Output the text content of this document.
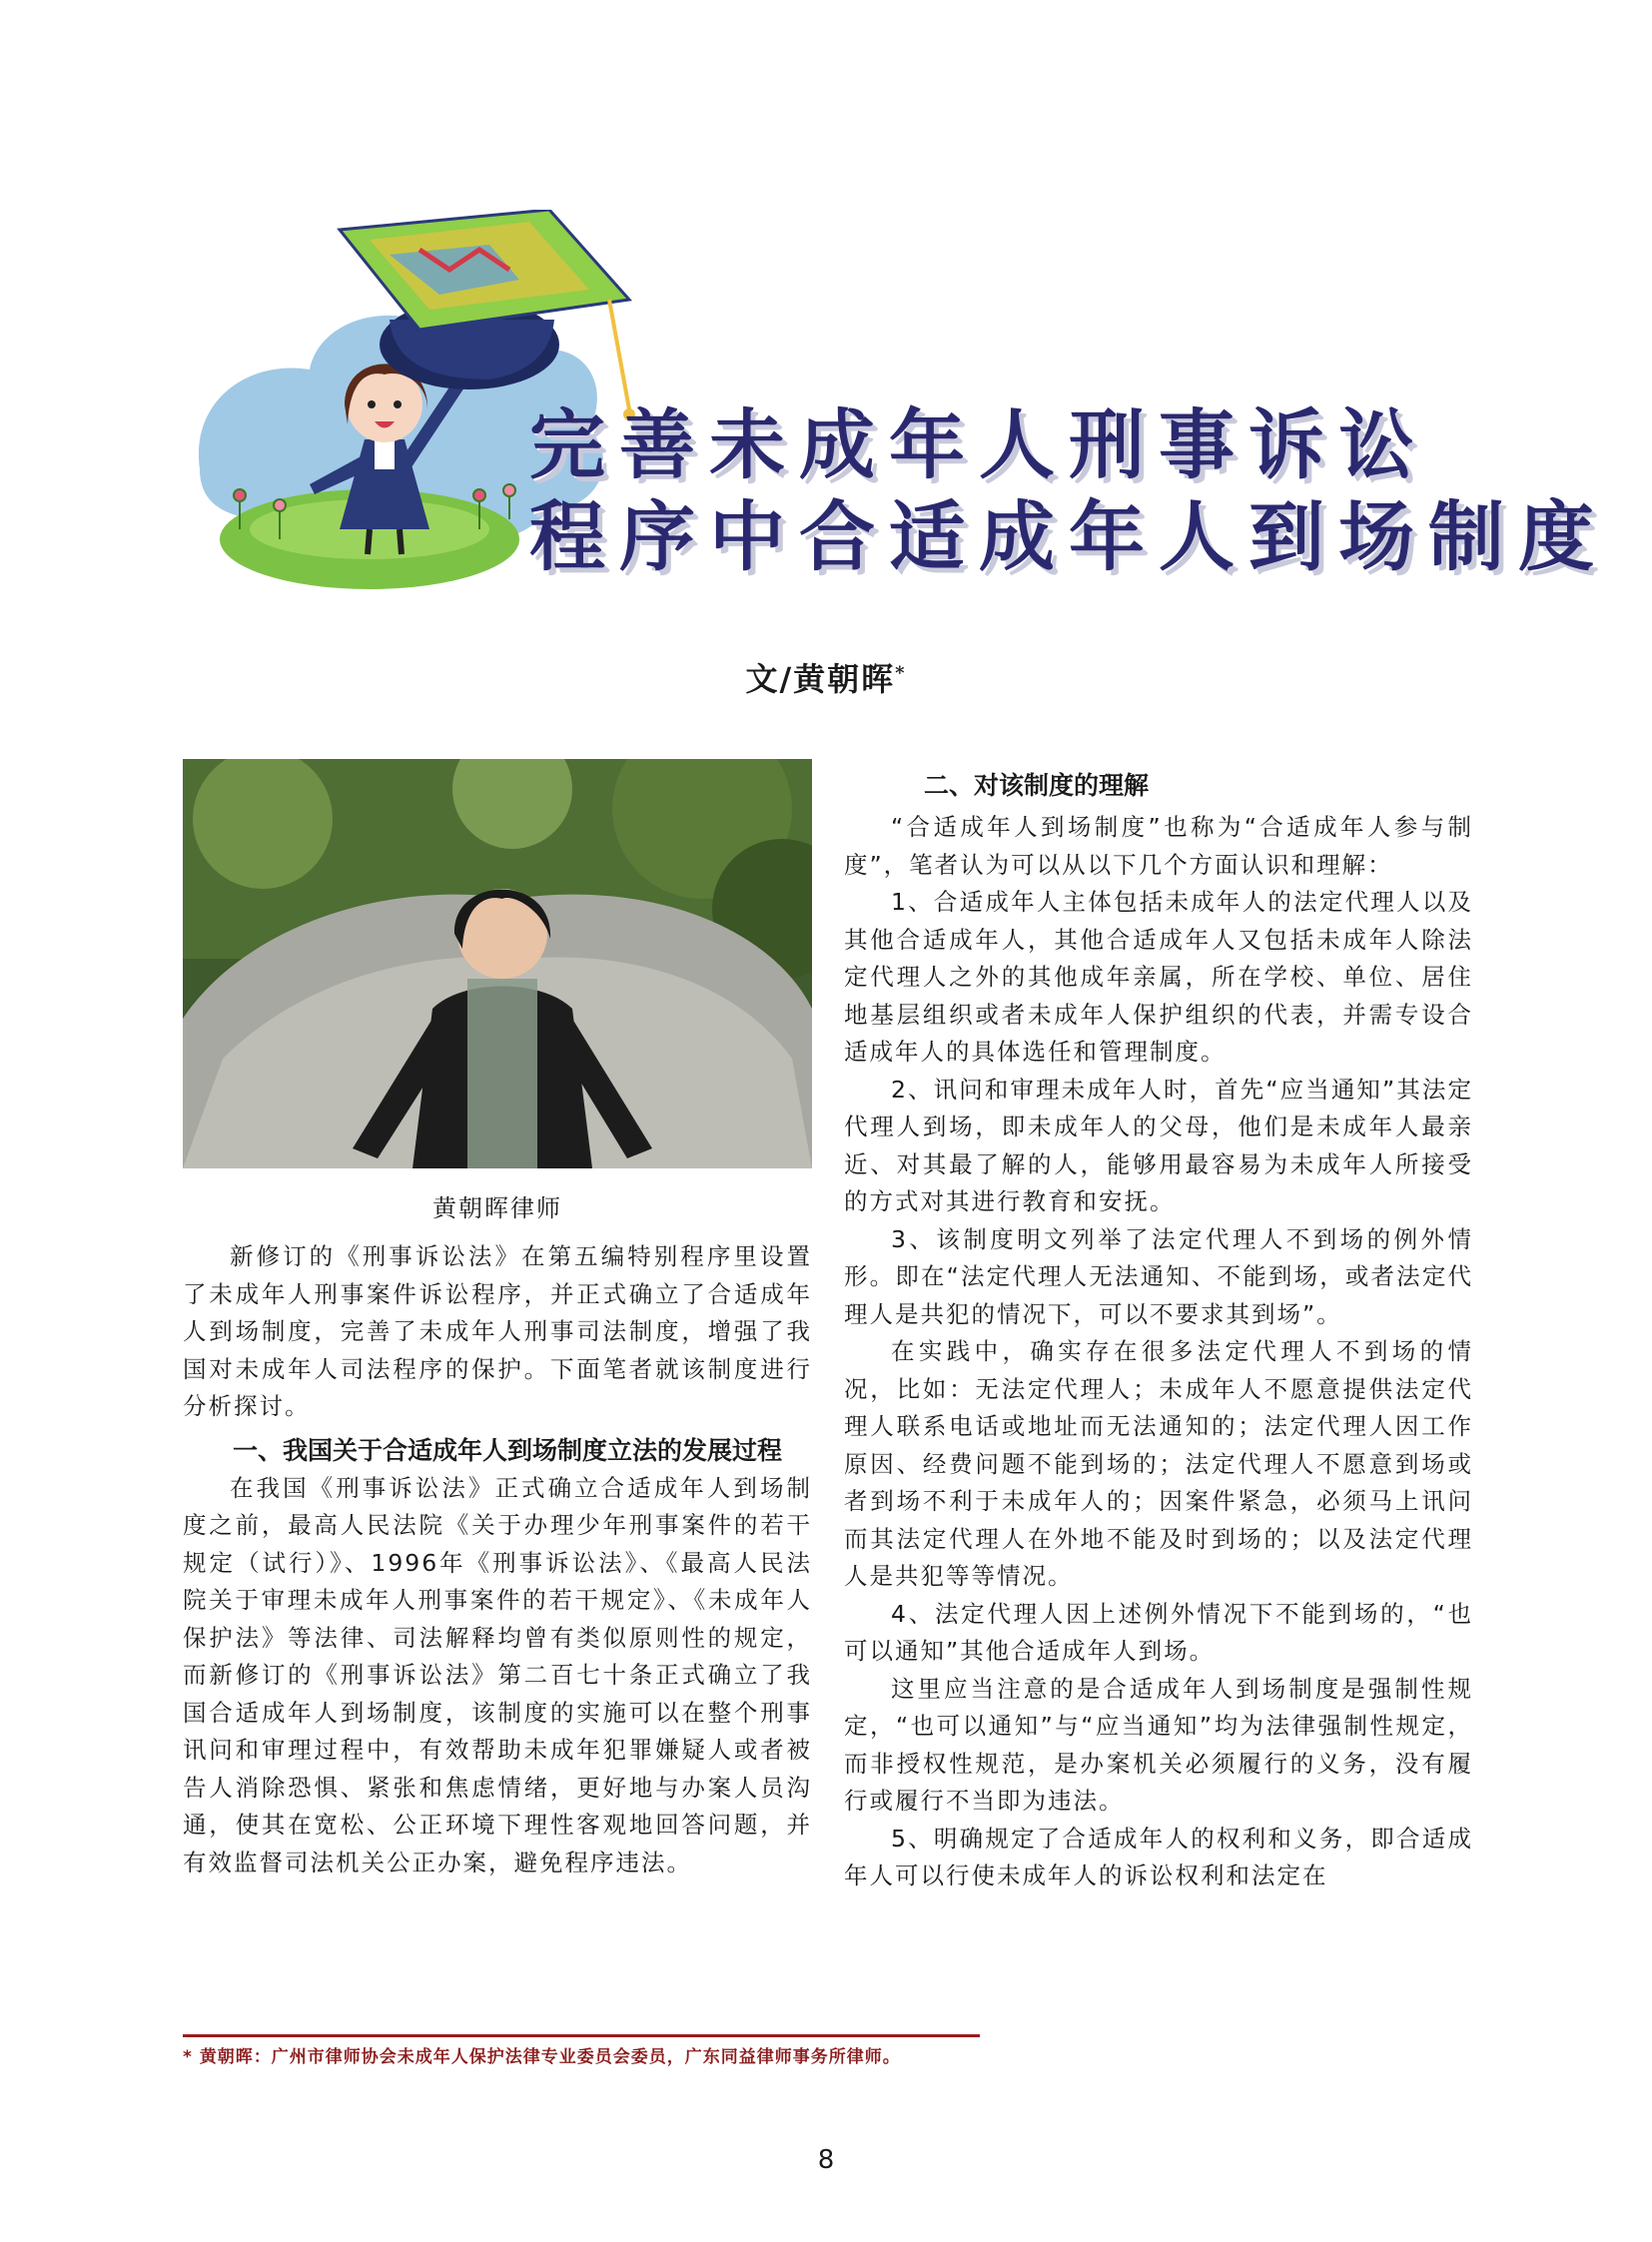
完善未成年人刑事诉讼
程序中合适成年人到场制度
文/黄朝晖*
黄朝晖律师

新修订的《刑事诉讼法》在第五编特别程序里设置了未成年人刑事案件诉讼程序，并正式确立了合适成年人到场制度，完善了未成年人刑事司法制度，增强了我国对未成年人司法程序的保护。下面笔者就该制度进行分析探讨。

一、我国关于合适成年人到场制度立法的发展过程

在我国《刑事诉讼法》正式确立合适成年人到场制度之前，最高人民法院《关于办理少年刑事案件的若干规定（试行）》、1996年《刑事诉讼法》、《最高人民法院关于审理未成年人刑事案件的若干规定》、《未成年人保护法》等法律、司法解释均曾有类似原则性的规定，而新修订的《刑事诉讼法》第二百七十条正式确立了我国合适成年人到场制度，该制度的实施可以在整个刑事讯问和审理过程中，有效帮助未成年犯罪嫌疑人或者被告人消除恐惧、紧张和焦虑情绪，更好地与办案人员沟通，使其在宽松、公正环境下理性客观地回答问题，并有效监督司法机关公正办案，避免程序违法。

二、对该制度的理解

“合适成年人到场制度”也称为“合适成年人参与制度”，笔者认为可以从以下几个方面认识和理解：

1、合适成年人主体包括未成年人的法定代理人以及其他合适成年人，其他合适成年人又包括未成年人除法定代理人之外的其他成年亲属，所在学校、单位、居住地基层组织或者未成年人保护组织的代表，并需专设合适成年人的具体选任和管理制度。

2、讯问和审理未成年人时，首先“应当通知”其法定代理人到场，即未成年人的父母，他们是未成年人最亲近、对其最了解的人，能够用最容易为未成年人所接受的方式对其进行教育和安抚。

3、该制度明文列举了法定代理人不到场的例外情形。即在“法定代理人无法通知、不能到场，或者法定代理人是共犯的情况下，可以不要求其到场”。

在实践中，确实存在很多法定代理人不到场的情况，比如：无法定代理人；未成年人不愿意提供法定代理人联系电话或地址而无法通知的；法定代理人因工作原因、经费问题不能到场的；法定代理人不愿意到场或者到场不利于未成年人的；因案件紧急，必须马上讯问而其法定代理人在外地不能及时到场的；以及法定代理人是共犯等等情况。

4、法定代理人因上述例外情况下不能到场的，“也可以通知”其他合适成年人到场。

这里应当注意的是合适成年人到场制度是强制性规定，“也可以通知”与“应当通知”均为法律强制性规定，而非授权性规范，是办案机关必须履行的义务，没有履行或履行不当即为违法。

5、明确规定了合适成年人的权利和义务，即合适成年人可以行使未成年人的诉讼权利和法定在

* 黄朝晖：广州市律师协会未成年人保护法律专业委员会委员，广东同益律师事务所律师。
8
